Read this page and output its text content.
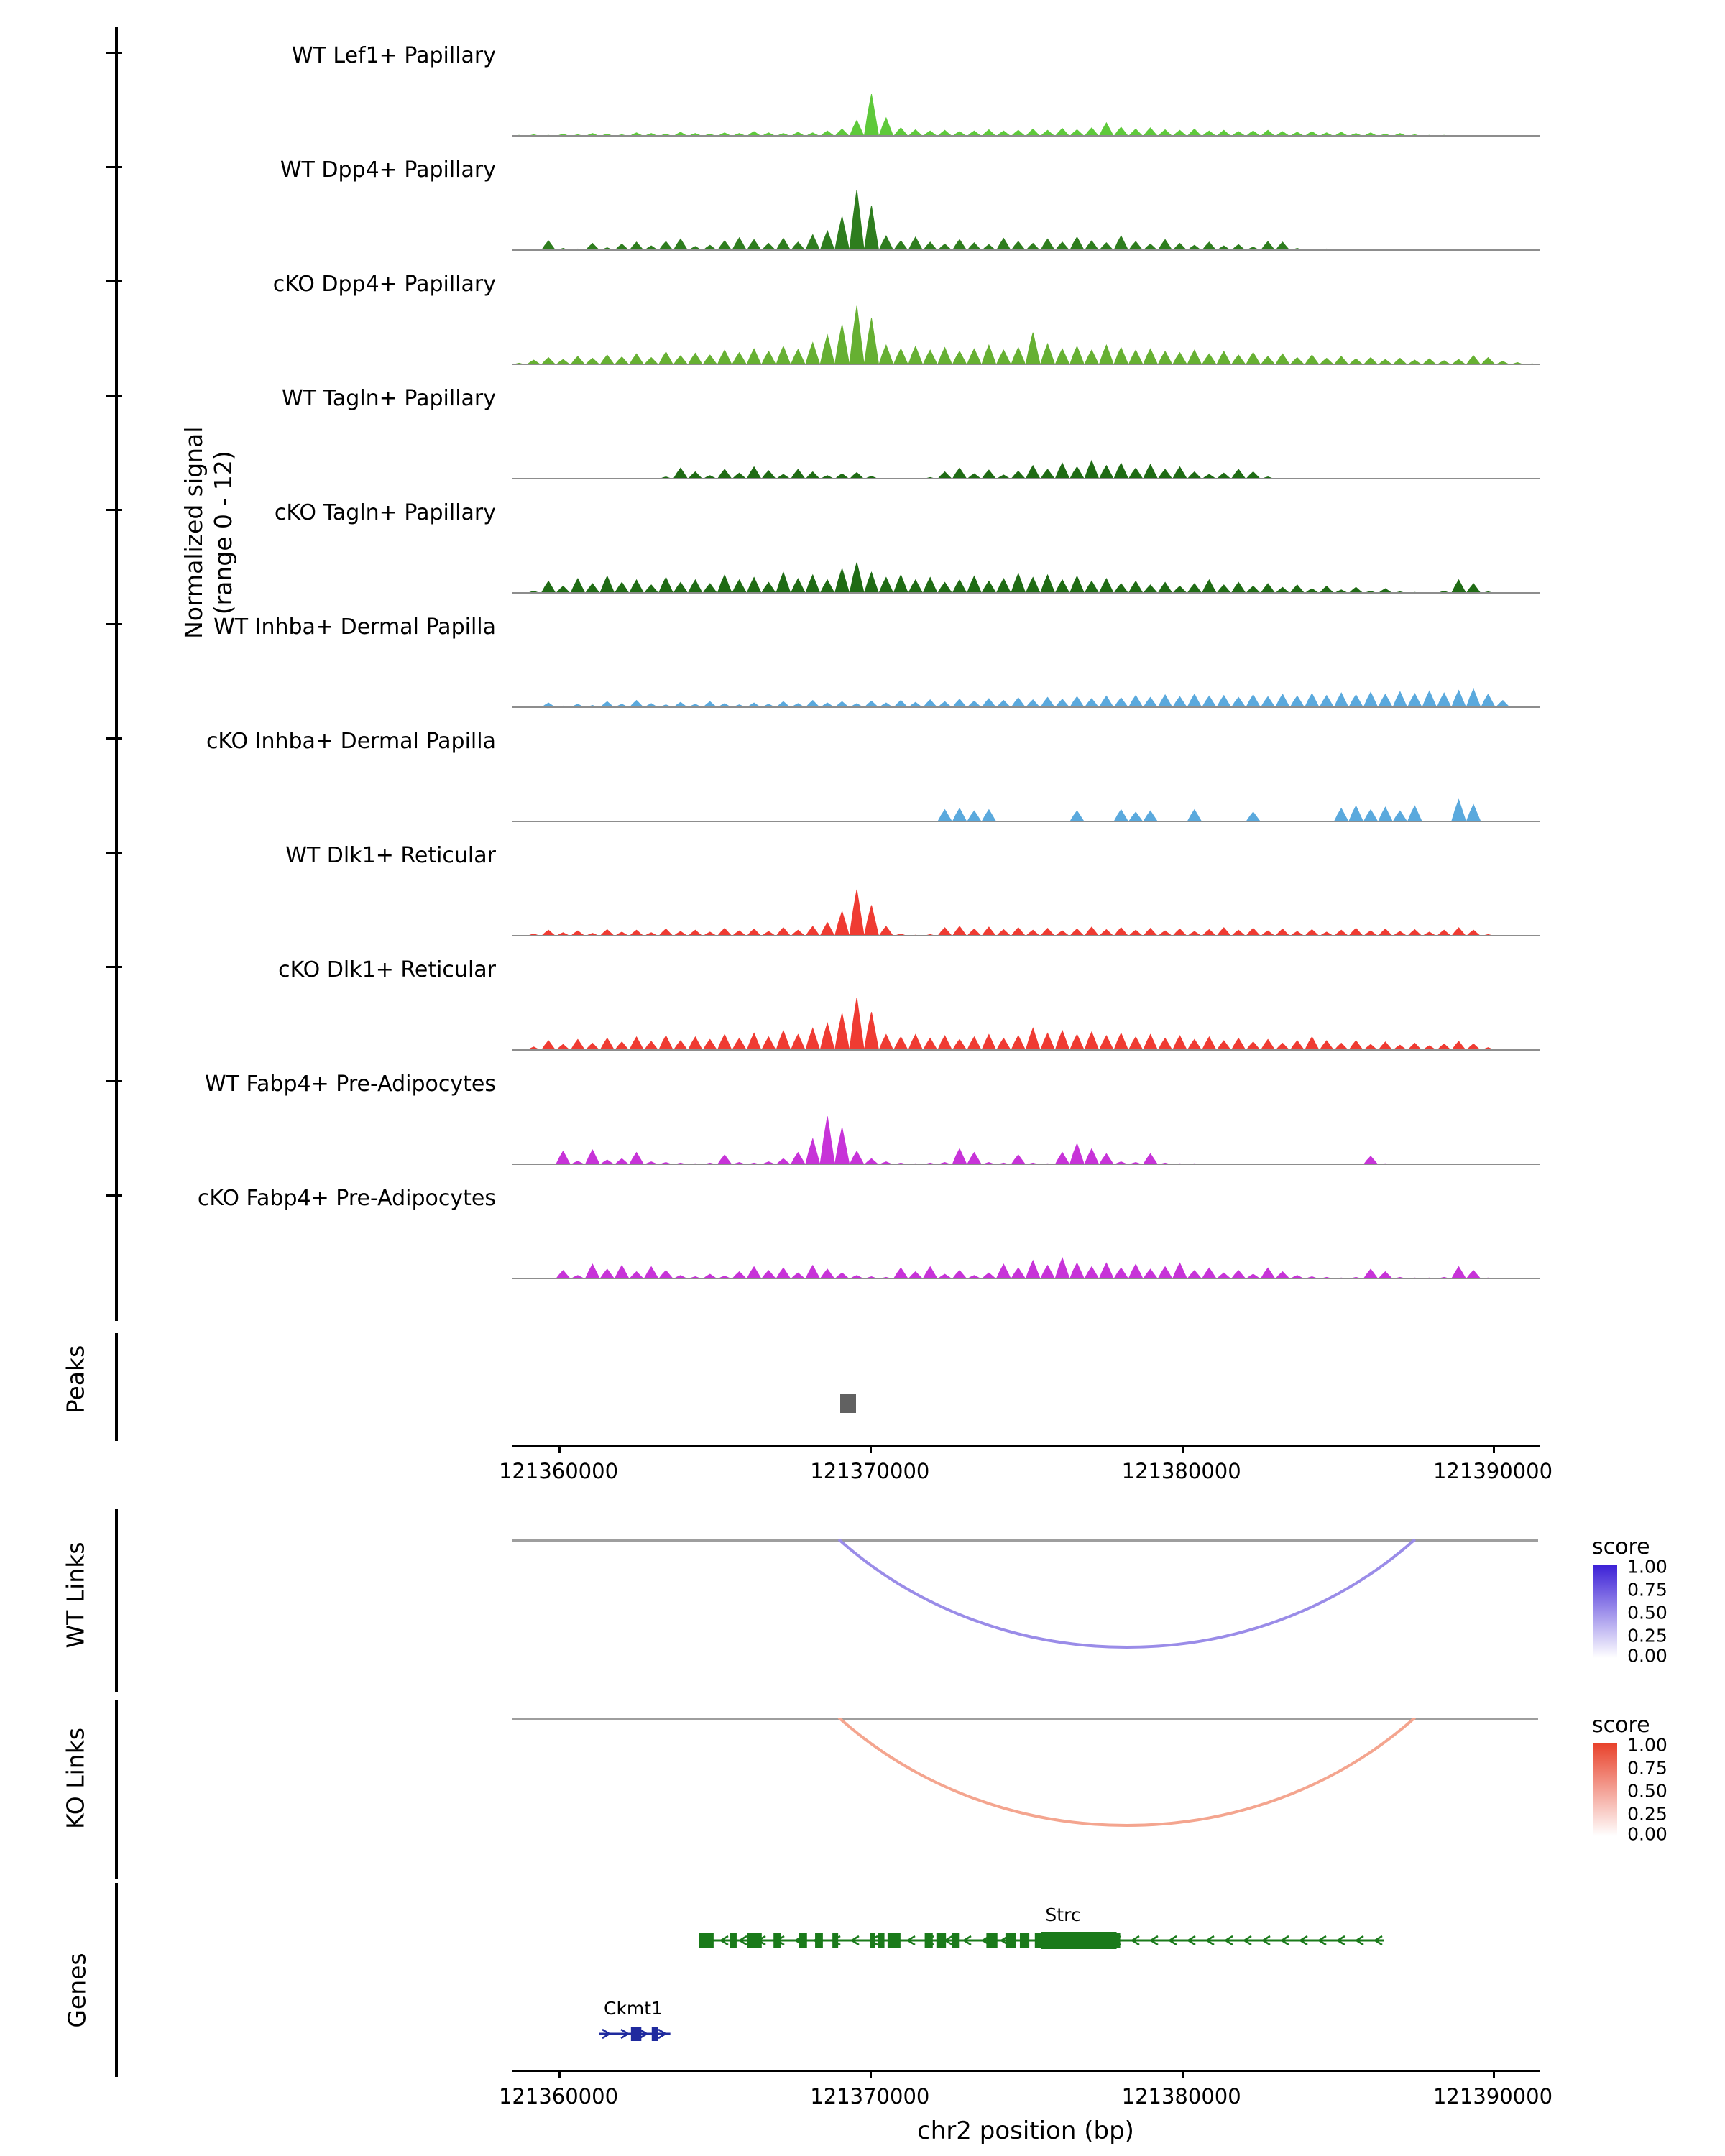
Normalized signal
(range 0 - 12)
WT Lef1+ Papillary
WT Dpp4+ Papillary
cKO Dpp4+ Papillary
WT Tagln+ Papillary
cKO Tagln+ Papillary
WT Inhba+ Dermal Papilla
cKO Inhba+ Dermal Papilla
WT Dlk1+ Reticular
cKO Dlk1+ Reticular
WT Fabp4+ Pre-Adipocytes
cKO Fabp4+ Pre-Adipocytes
Peaks
121360000	121370000	121380000	121390000
WT Links	score

1.00
0.75
0.50
0.25
0.00
KO Links
score

1.00
0.75
0.50
0.25
0.00
Genes
Strc
Ckmt1
121360000	121370000	121380000	121390000
chr2 position (bp)
